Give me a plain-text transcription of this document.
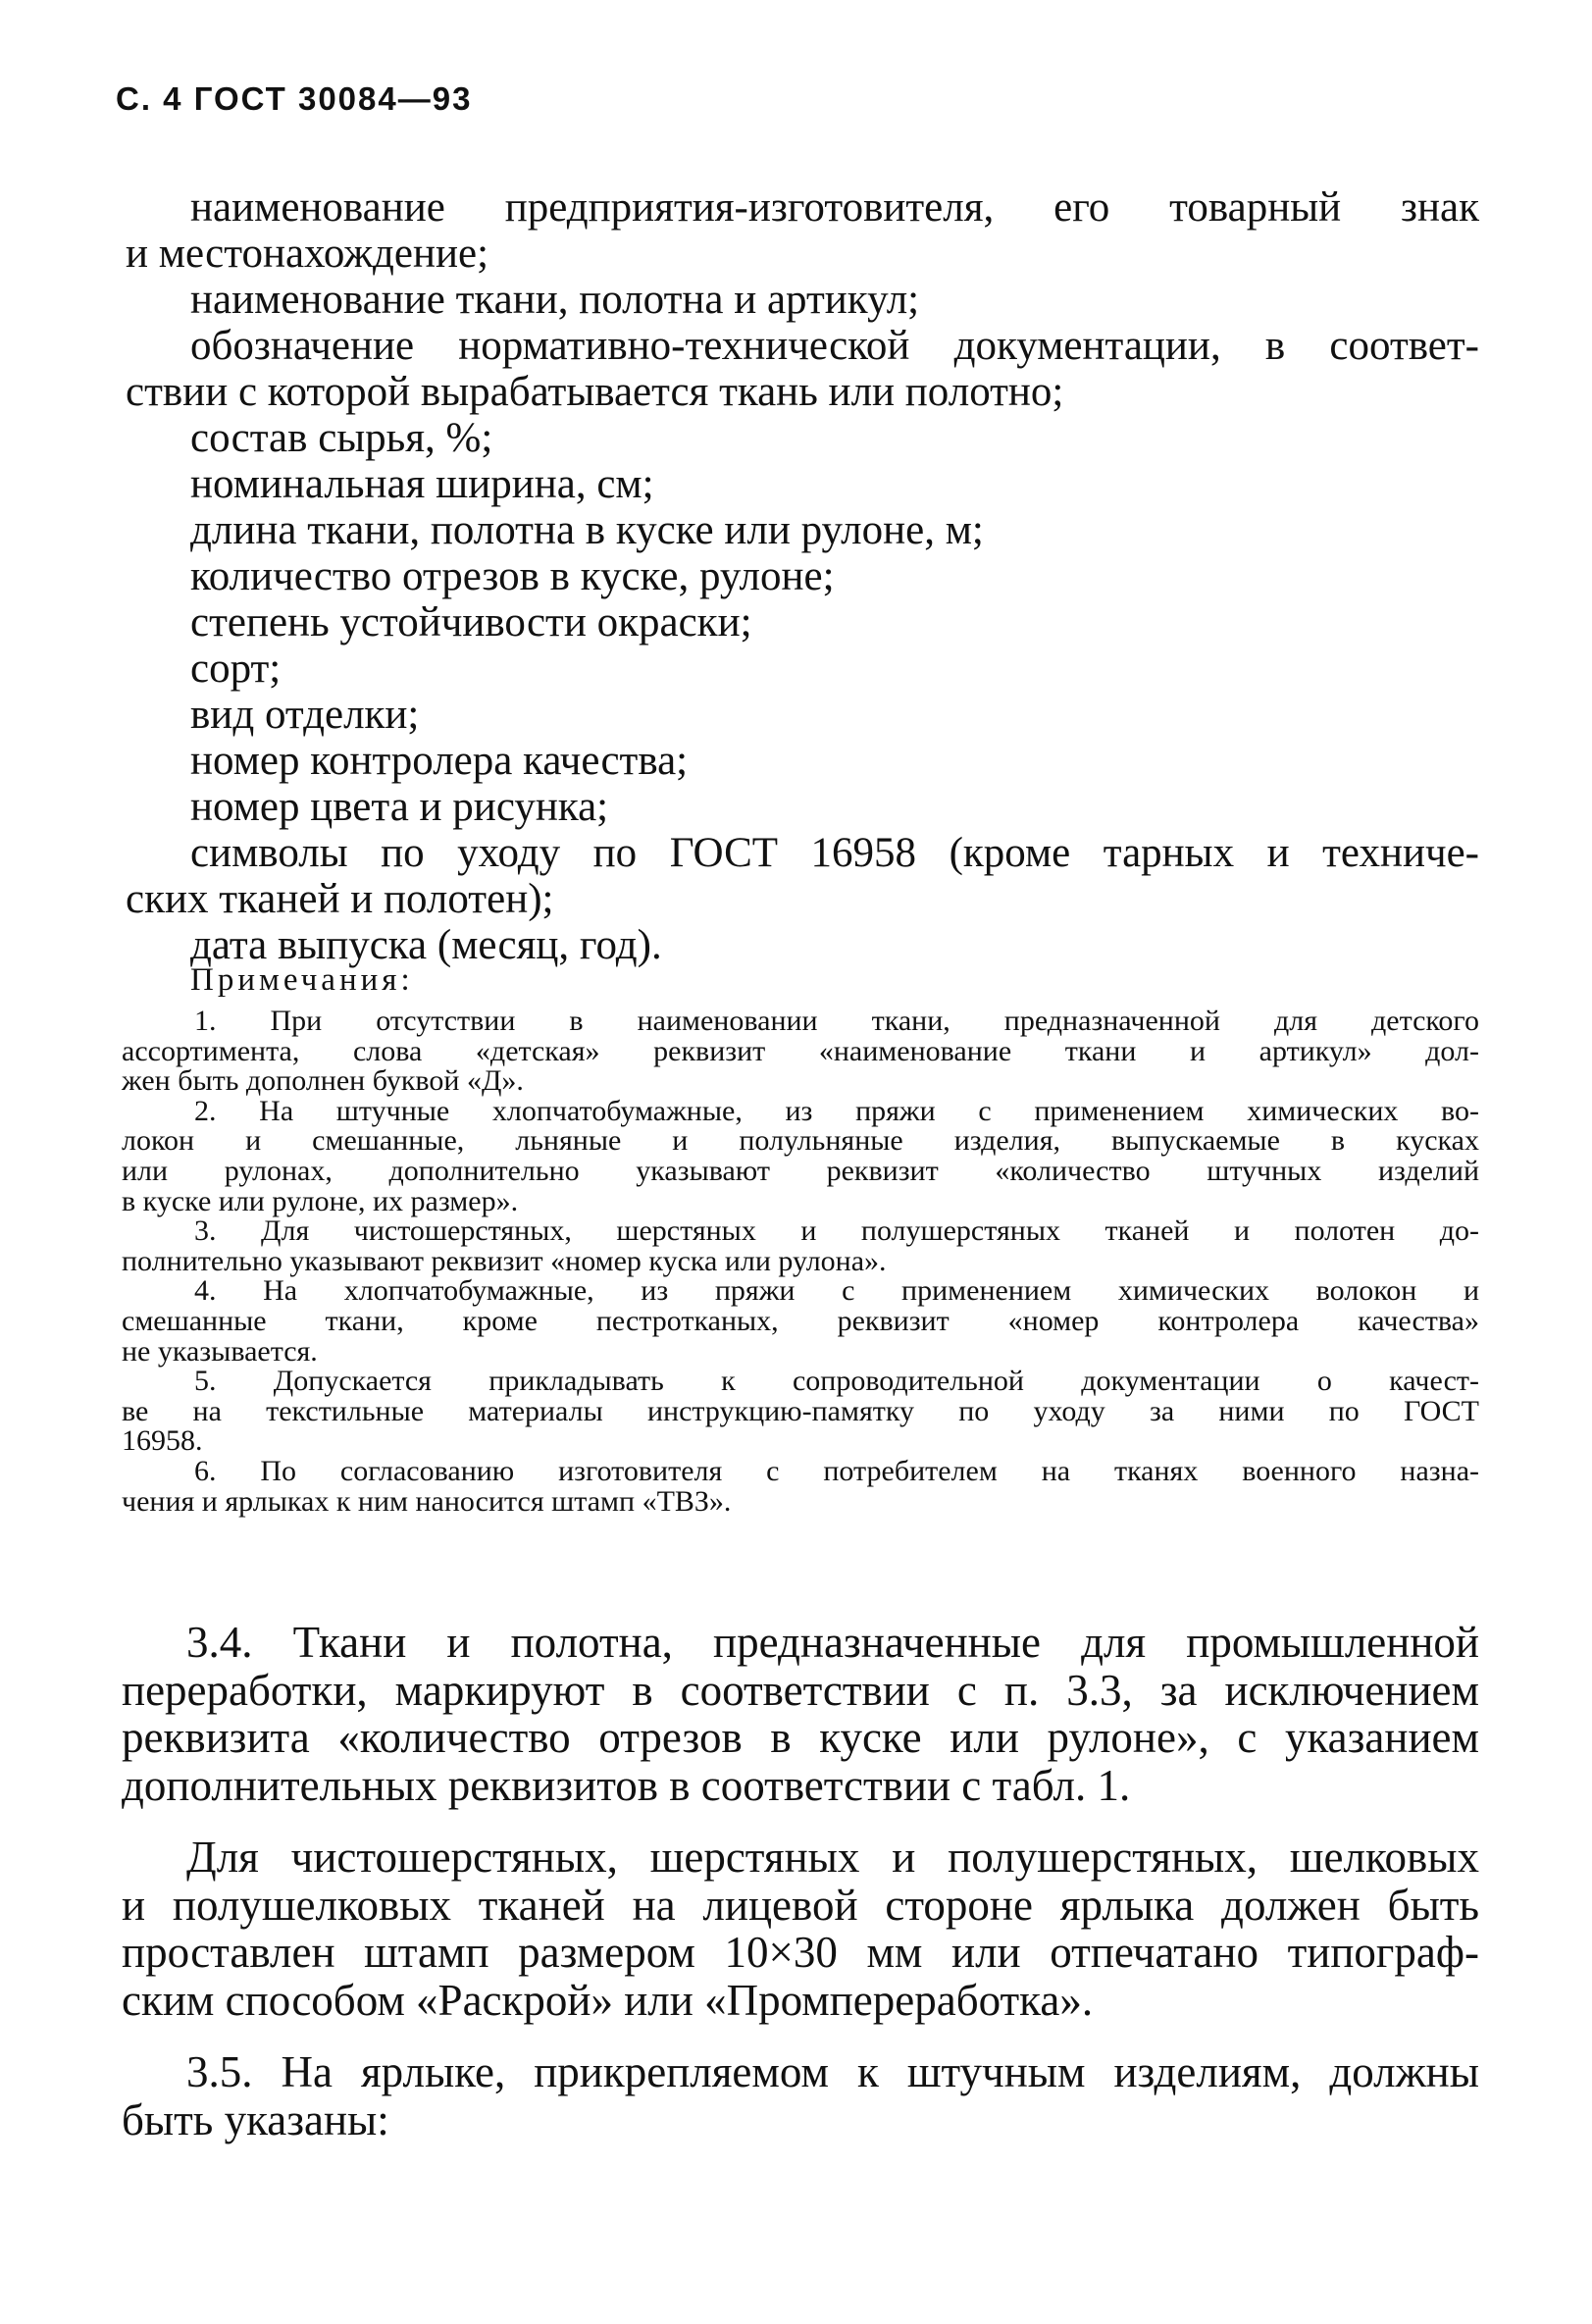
С. 4 ГОСТ 30084—93
наименование предприятия-изготовителя, его товарный знак
и местонахождение;
наименование ткани, полотна и артикул;
обозначение нормативно-технической документации, в соответ-
ствии с которой вырабатывается ткань или полотно;
состав сырья, %;
номинальная ширина, см;
длина ткани, полотна в куске или рулоне, м;
количество отрезов в куске, рулоне;
степень устойчивости окраски;
сорт;
вид отделки;
номер контролера качества;
номер цвета и рисунка;
символы по уходу по ГОСТ 16958 (кроме тарных и техниче-
ских тканей и полотен);
дата выпуска (месяц, год).
Примечания:
1. При отсутствии в наименовании ткани, предназначенной для детского
ассортимента, слова «детская» реквизит «наименование ткани и артикул» дол-
жен быть дополнен буквой «Д».
2. На штучные хлопчатобумажные, из пряжи с применением химических во-
локон и смешанные, льняные и полульняные изделия, выпускаемые в кусках
или рулонах, дополнительно указывают реквизит «количество штучных изделий
в куске или рулоне, их размер».
3. Для чистошерстяных, шерстяных и полушерстяных тканей и полотен до-
полнительно указывают реквизит «номер куска или рулона».
4. На хлопчатобумажные, из пряжи с применением химических волокон и
смешанные ткани, кроме пестротканых, реквизит «номер контролера качества»
не указывается.
5. Допускается прикладывать к сопроводительной документации о качест-
ве на текстильные материалы инструкцию-памятку по уходу за ними по ГОСТ
16958.
6. По согласованию изготовителя с потребителем на тканях военного назна-
чения и ярлыках к ним наносится штамп «ТВЗ».
3.4. Ткани и полотна, предназначенные для промышленной
переработки, маркируют в соответствии с п. 3.3, за исключением
реквизита «количество отрезов в куске или рулоне», с указанием
дополнительных реквизитов в соответствии с табл. 1.
Для чистошерстяных, шерстяных и полушерстяных, шелковых
и полушелковых тканей на лицевой стороне ярлыка должен быть
проставлен штамп размером 10×30 мм или отпечатано типограф-
ским способом «Раскрой» или «Промпереработка».
3.5. На ярлыке, прикрепляемом к штучным изделиям, должны
быть указаны:
